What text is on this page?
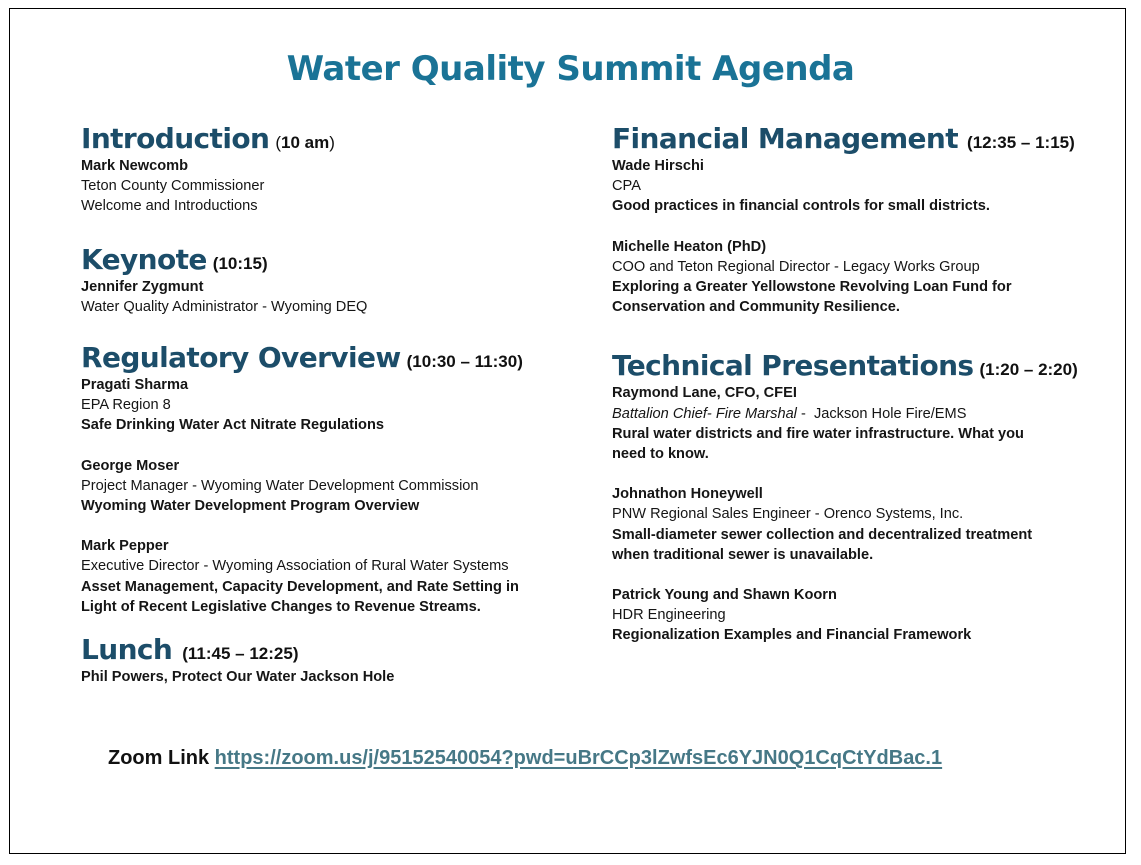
Water Quality Summit Agenda
Introduction (10 am)
Mark Newcomb
Teton County Commissioner
Welcome and Introductions
Keynote (10:15)
Jennifer Zygmunt
Water Quality Administrator - Wyoming DEQ
Regulatory Overview (10:30 – 11:30)
Pragati Sharma
EPA Region 8
Safe Drinking Water Act Nitrate Regulations
George Moser
Project Manager - Wyoming Water Development Commission
Wyoming Water Development Program Overview
Mark Pepper
Executive Director - Wyoming Association of Rural Water Systems
Asset Management, Capacity Development, and Rate Setting in
Light of Recent Legislative Changes to Revenue Streams.
Lunch (11:45 – 12:25)
Phil Powers, Protect Our Water Jackson Hole
Financial Management (12:35 – 1:15)
Wade Hirschi
CPA
Good practices in financial controls for small districts.
Michelle Heaton (PhD)
COO and Teton Regional Director - Legacy Works Group
Exploring a Greater Yellowstone Revolving Loan Fund for
Conservation and Community Resilience.
Technical Presentations (1:20 – 2:20)
Raymond Lane, CFO, CFEI
Battalion Chief- Fire Marshal -  Jackson Hole Fire/EMS
Rural water districts and fire water infrastructure. What you
need to know.
Johnathon Honeywell
PNW Regional Sales Engineer - Orenco Systems, Inc.
Small-diameter sewer collection and decentralized treatment
when traditional sewer is unavailable.
Patrick Young and Shawn Koorn
HDR Engineering
Regionalization Examples and Financial Framework
Zoom Link https://zoom.us/j/95152540054?pwd=uBrCCp3lZwfsEc6YJN0Q1CqCtYdBac.1
